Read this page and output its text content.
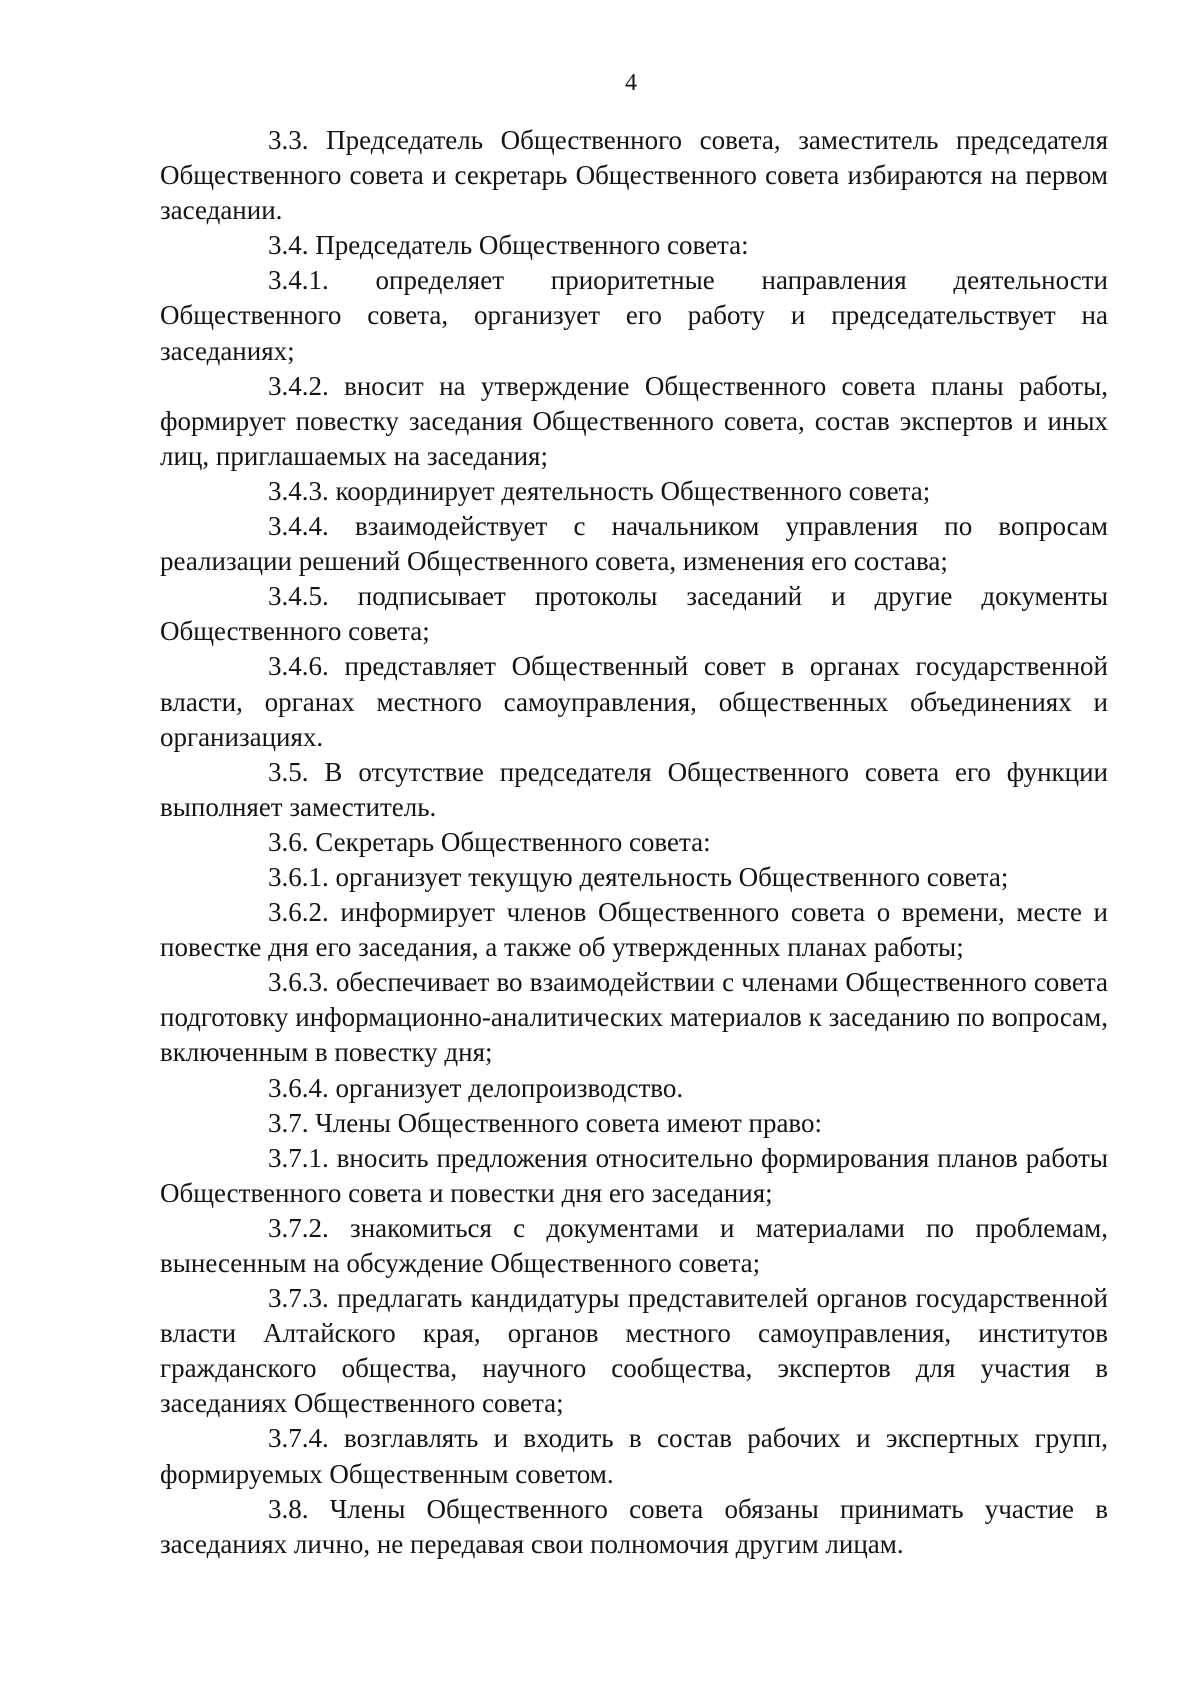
4

3.3. Председатель Общественного совета, заместитель председателя Общественного совета и секретарь Общественного совета избираются на первом заседании.

3.4. Председатель Общественного совета:

3.4.1. определяет приоритетные направления деятельности Общественного совета, организует его работу и председательствует на заседаниях;

3.4.2. вносит на утверждение Общественного совета планы работы, формирует повестку заседания Общественного совета, состав экспертов и иных лиц, приглашаемых на заседания;

3.4.3. координирует деятельность Общественного совета;

3.4.4. взаимодействует с начальником управления по вопросам реализации решений Общественного совета, изменения его состава;

3.4.5. подписывает протоколы заседаний и другие документы Общественного совета;

3.4.6. представляет Общественный совет в органах государственной власти, органах местного самоуправления, общественных объединениях и организациях.

3.5. В отсутствие председателя Общественного совета его функции выполняет заместитель.

3.6. Секретарь Общественного совета:

3.6.1. организует текущую деятельность Общественного совета;

3.6.2. информирует членов Общественного совета о времени, месте и повестке дня его заседания, а также об утвержденных планах работы;

3.6.3. обеспечивает во взаимодействии с членами Общественного совета подготовку информационно-аналитических материалов к заседанию по вопросам, включенным в повестку дня;

3.6.4. организует делопроизводство.

3.7. Члены Общественного совета имеют право:

3.7.1. вносить предложения относительно формирования планов работы Общественного совета и повестки дня его заседания;

3.7.2. знакомиться с документами и материалами по проблемам, вынесенным на обсуждение Общественного совета;

3.7.3. предлагать кандидатуры представителей органов государственной власти Алтайского края, органов местного самоуправления, институтов гражданского общества, научного сообщества, экспертов для участия в заседаниях Общественного совета;

3.7.4. возглавлять и входить в состав рабочих и экспертных групп, формируемых Общественным советом.

3.8. Члены Общественного совета обязаны принимать участие в заседаниях лично, не передавая свои полномочия другим лицам.
